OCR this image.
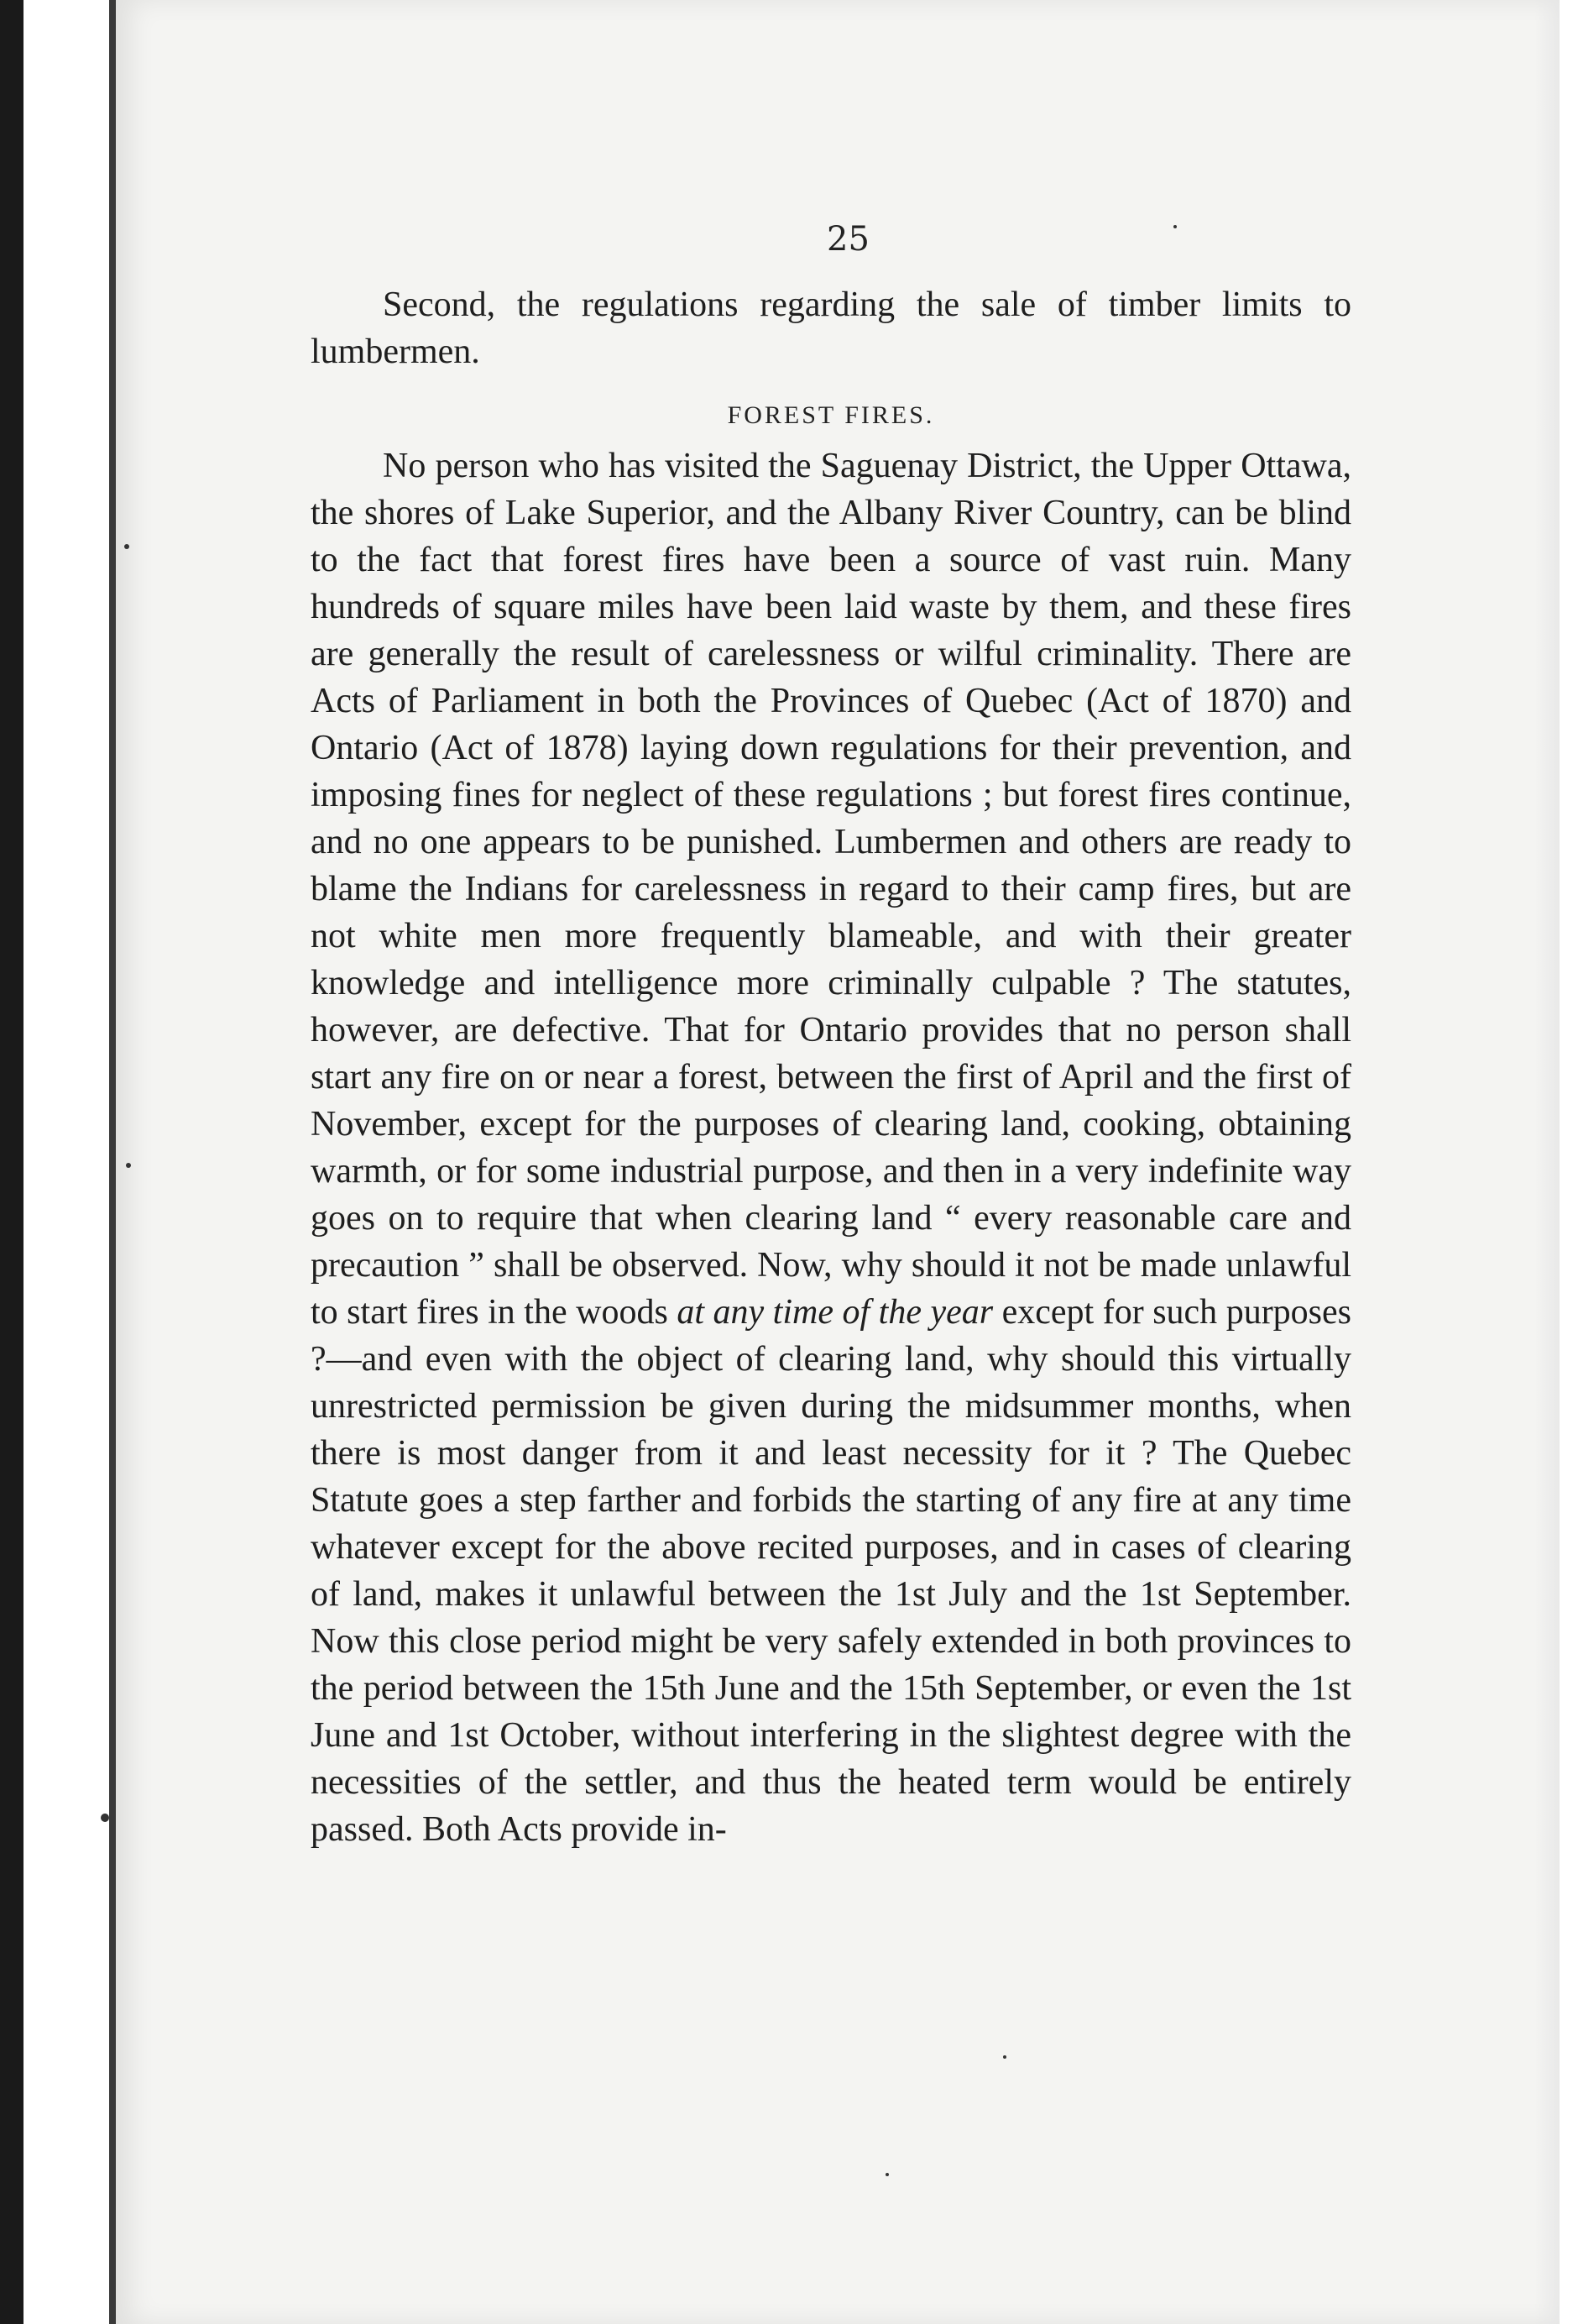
25

Second, the regulations regarding the sale of timber limits to lumbermen.

FOREST FIRES.

No person who has visited the Saguenay District, the Upper Ottawa, the shores of Lake Superior, and the Albany River Country, can be blind to the fact that forest fires have been a source of vast ruin. Many hundreds of square miles have been laid waste by them, and these fires are generally the result of carelessness or wilful criminality. There are Acts of Parliament in both the Provinces of Quebec (Act of 1870) and Ontario (Act of 1878) laying down regulations for their prevention, and imposing fines for neglect of these regulations ; but forest fires continue, and no one appears to be punished. Lumbermen and others are ready to blame the Indians for carelessness in regard to their camp fires, but are not white men more frequently blameable, and with their greater knowledge and intelligence more criminally culpable ? The statutes, however, are defective. That for Ontario provides that no person shall start any fire on or near a forest, between the first of April and the first of November, except for the purposes of clearing land, cooking, obtaining warmth, or for some industrial purpose, and then in a very indefinite way goes on to require that when clearing land “ every reasonable care and precaution ” shall be observed. Now, why should it not be made unlawful to start fires in the woods at any time of the year except for such purposes ?—and even with the object of clearing land, why should this virtually unrestricted permission be given during the midsummer months, when there is most danger from it and least necessity for it ? The Quebec Statute goes a step farther and forbids the starting of any fire at any time whatever except for the above recited purposes, and in cases of clearing of land, makes it unlawful between the 1st July and the 1st September. Now this close period might be very safely extended in both provinces to the period between the 15th June and the 15th September, or even the 1st June and 1st October, without interfering in the slightest degree with the necessities of the settler, and thus the heated term would be entirely passed. Both Acts provide in-
